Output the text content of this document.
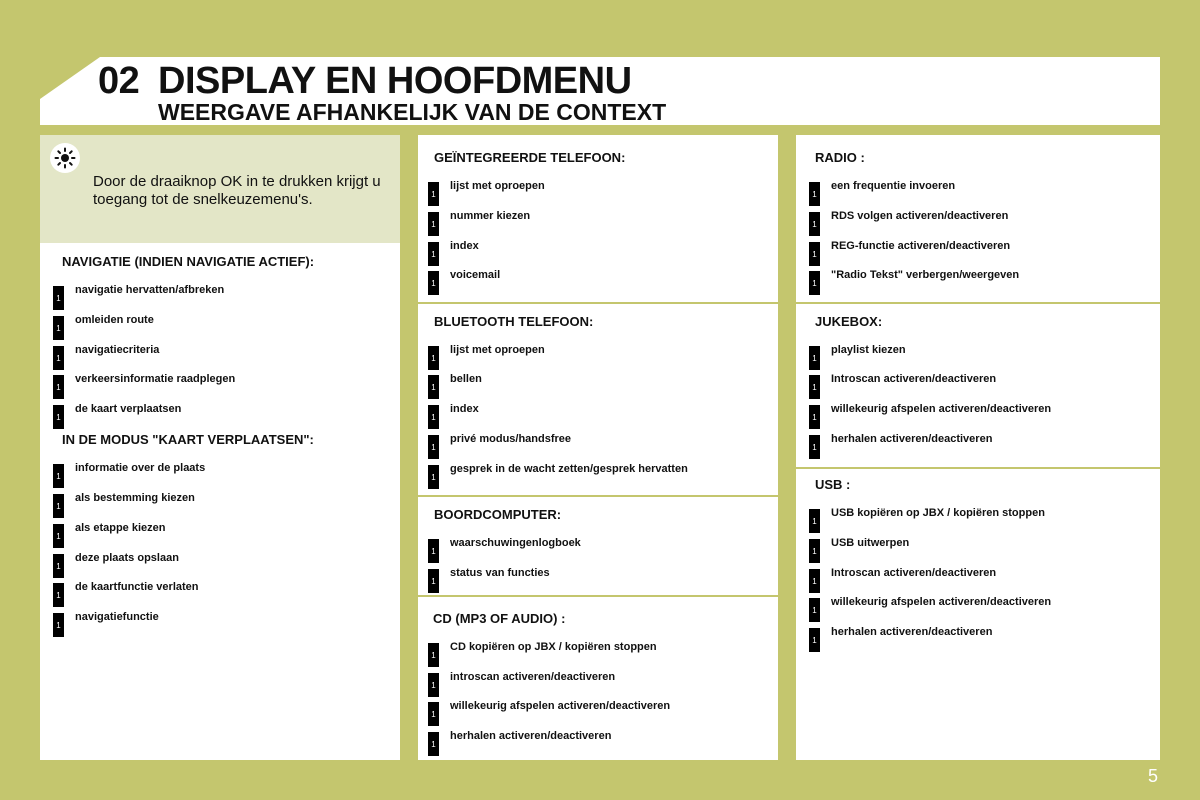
02 DISPLAY EN HOOFDMENU
WEERGAVE AFHANKELIJK VAN DE CONTEXT
Door de draaiknop OK in te drukken krijgt u toegang tot de snelkeuzemenu's.
NAVIGATIE (INDIEN NAVIGATIE ACTIEF):
1
navigatie hervatten/afbreken
1
omleiden route
1
navigatiecriteria
1
verkeersinformatie raadplegen
1
de kaart verplaatsen
IN DE MODUS "KAART VERPLAATSEN":
1
informatie over de plaats
1
als bestemming kiezen
1
als etappe kiezen
1
deze plaats opslaan
1
de kaartfunctie verlaten
1
navigatiefunctie
GEÏNTEGREERDE TELEFOON:
1
lijst met oproepen
1
nummer kiezen
1
index
1
voicemail
BLUETOOTH TELEFOON:
1
lijst met oproepen
1
bellen
1
index
1
privé modus/handsfree
1
gesprek in de wacht zetten/gesprek hervatten
BOORDCOMPUTER:
1
waarschuwingenlogboek
1
status van functies
CD (MP3 OF AUDIO) :
1
CD kopiëren op JBX / kopiëren stoppen
1
introscan activeren/deactiveren
1
willekeurig afspelen activeren/deactiveren
1
herhalen activeren/deactiveren
RADIO :
1
een frequentie invoeren
1
RDS volgen activeren/deactiveren
1
REG-functie activeren/deactiveren
1
"Radio Tekst" verbergen/weergeven
JUKEBOX:
1
playlist kiezen
1
Introscan activeren/deactiveren
1
willekeurig afspelen activeren/deactiveren
1
herhalen activeren/deactiveren
USB :
1
USB kopiëren op JBX / kopiëren stoppen
1
USB uitwerpen
1
Introscan activeren/deactiveren
1
willekeurig afspelen activeren/deactiveren
1
herhalen activeren/deactiveren
5
